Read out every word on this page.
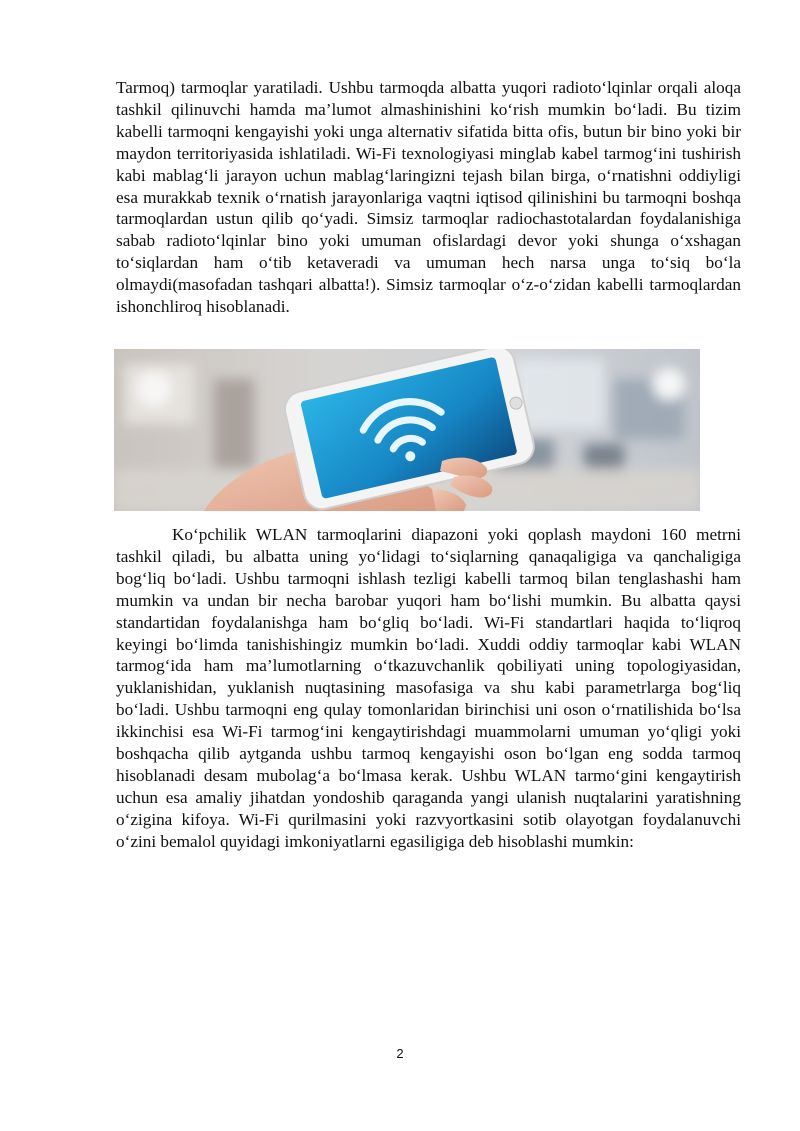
Tarmoq) tarmoqlar yaratiladi. Ushbu tarmoqda albatta yuqori radioto‘lqinlar orqali aloqa tashkil qilinuvchi hamda ma’lumot almashinishini ko‘rish mumkin bo‘ladi. Bu tizim kabelli tarmoqni kengayishi yoki unga alternativ sifatida bitta ofis, butun bir bino yoki bir maydon territoriyasida ishlatiladi. Wi-Fi texnologiyasi minglab kabel tarmog‘ini tushirish kabi mablag‘li jarayon uchun mablag‘laringizni tejash bilan birga, o‘rnatishni oddiyligi esa murakkab texnik o‘rnatish jarayonlariga vaqtni iqtisod qilinishini bu tarmoqni boshqa tarmoqlardan ustun qilib qo‘yadi. Simsiz tarmoqlar radiochastotalardan foydalanishiga sabab radioto‘lqinlar bino yoki umuman ofislardagi devor yoki shunga o‘xshagan to‘siqlardan ham o‘tib ketaveradi va umuman hech narsa unga to‘siq bo‘la olmaydi(masofadan tashqari albatta!). Simsiz tarmoqlar o‘z-o‘zidan kabelli tarmoqlardan ishonchliroq hisoblanadi.

Ko‘pchilik WLAN tarmoqlarini diapazoni yoki qoplash maydoni 160 metrni tashkil qiladi, bu albatta uning yo‘lidagi to‘siqlarning qanaqaligiga va qanchaligiga bog‘liq bo‘ladi. Ushbu tarmoqni ishlash tezligi kabelli tarmoq bilan tenglashashi ham mumkin va undan bir necha barobar yuqori ham bo‘lishi mumkin. Bu albatta qaysi standartidan foydalanishga ham bo‘gliq bo‘ladi. Wi-Fi standartlari haqida to‘liqroq keyingi bo‘limda tanishishingiz mumkin bo‘ladi. Xuddi oddiy tarmoqlar kabi WLAN tarmog‘ida ham ma’lumotlarning o‘tkazuvchanlik qobiliyati uning topologiyasidan, yuklanishidan, yuklanish nuqtasining masofasiga va shu kabi parametrlarga bog‘liq bo‘ladi. Ushbu tarmoqni eng qulay tomonlaridan birinchisi uni oson o‘rnatilishida bo‘lsa ikkinchisi esa Wi-Fi tarmog‘ini kengaytirishdagi muammolarni umuman yo‘qligi yoki boshqacha qilib aytganda ushbu tarmoq kengayishi oson bo‘lgan eng sodda tarmoq hisoblanadi desam mubolag‘a bo‘lmasa kerak. Ushbu WLAN tarmo‘gini kengaytirish uchun esa amaliy jihatdan yondoshib qaraganda yangi ulanish nuqtalarini yaratishning o‘zigina kifoya. Wi-Fi qurilmasini yoki razvyortkasini sotib olayotgan foydalanuvchi o‘zini bemalol quyidagi imkoniyatlarni egasiligiga deb hisoblashi mumkin:

2
